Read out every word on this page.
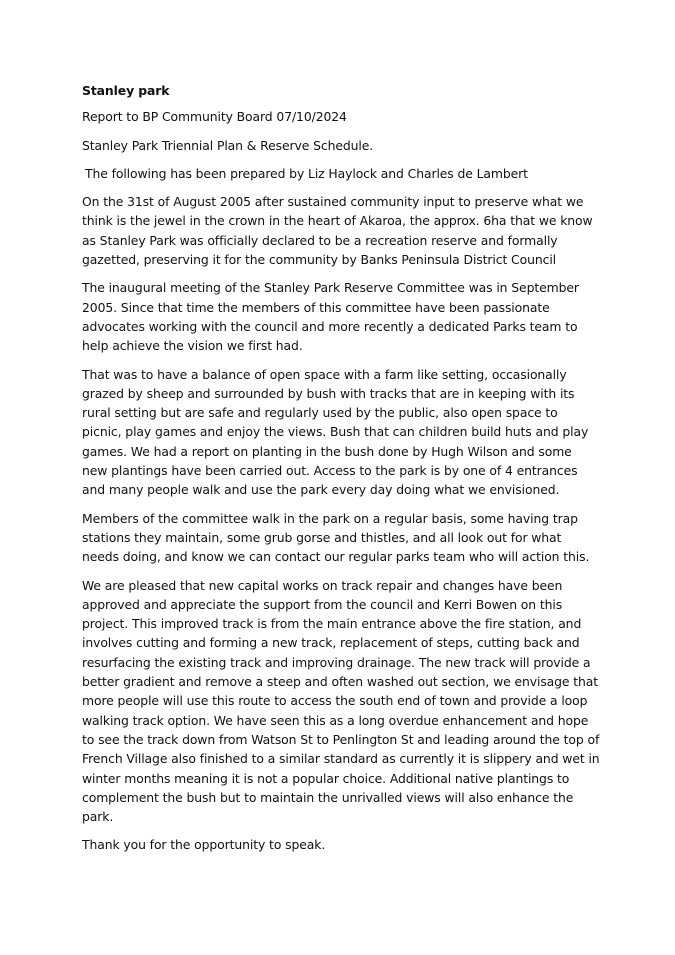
Stanley park

Report to BP Community Board 07/10/2024

Stanley Park Triennial Plan & Reserve Schedule.

The following has been prepared by Liz Haylock and Charles de Lambert

On the 31st of August 2005 after sustained community input to preserve what we think is the jewel in the crown in the heart of Akaroa, the approx. 6ha that we know as Stanley Park was officially declared to be a recreation reserve and formally gazetted, preserving it for the community by Banks Peninsula District Council

The inaugural meeting of the Stanley Park Reserve Committee was in September 2005. Since that time the members of this committee have been passionate advocates working with the council and more recently a dedicated Parks team to help achieve the vision we first had.

That was to have a balance of open space with a farm like setting, occasionally grazed by sheep and surrounded by bush with tracks that are in keeping with its rural setting but are safe and regularly used by the public, also open space to picnic, play games and enjoy the views. Bush that can children build huts and play games. We had a report on planting in the bush done by Hugh Wilson and some new plantings have been carried out. Access to the park is by one of 4 entrances and many people walk and use the park every day doing what we envisioned.

Members of the committee walk in the park on a regular basis, some having trap stations they maintain, some grub gorse and thistles, and all look out for what needs doing, and know we can contact our regular parks team who will action this.

We are pleased that new capital works on track repair and changes have been approved and appreciate the support from the council and Kerri Bowen on this project. This improved track is from the main entrance above the fire station, and involves cutting and forming a new track, replacement of steps, cutting back and resurfacing the existing track and improving drainage. The new track will provide a better gradient and remove a steep and often washed out section, we envisage that more people will use this route to access the south end of town and provide a loop walking track option. We have seen this as a long overdue enhancement and hope to see the track down from Watson St to Penlington St and leading around the top of French Village also finished to a similar standard as currently it is slippery and wet in winter months meaning it is not a popular choice. Additional native plantings to complement the bush but to maintain the unrivalled views will also enhance the park.

Thank you for the opportunity to speak.
